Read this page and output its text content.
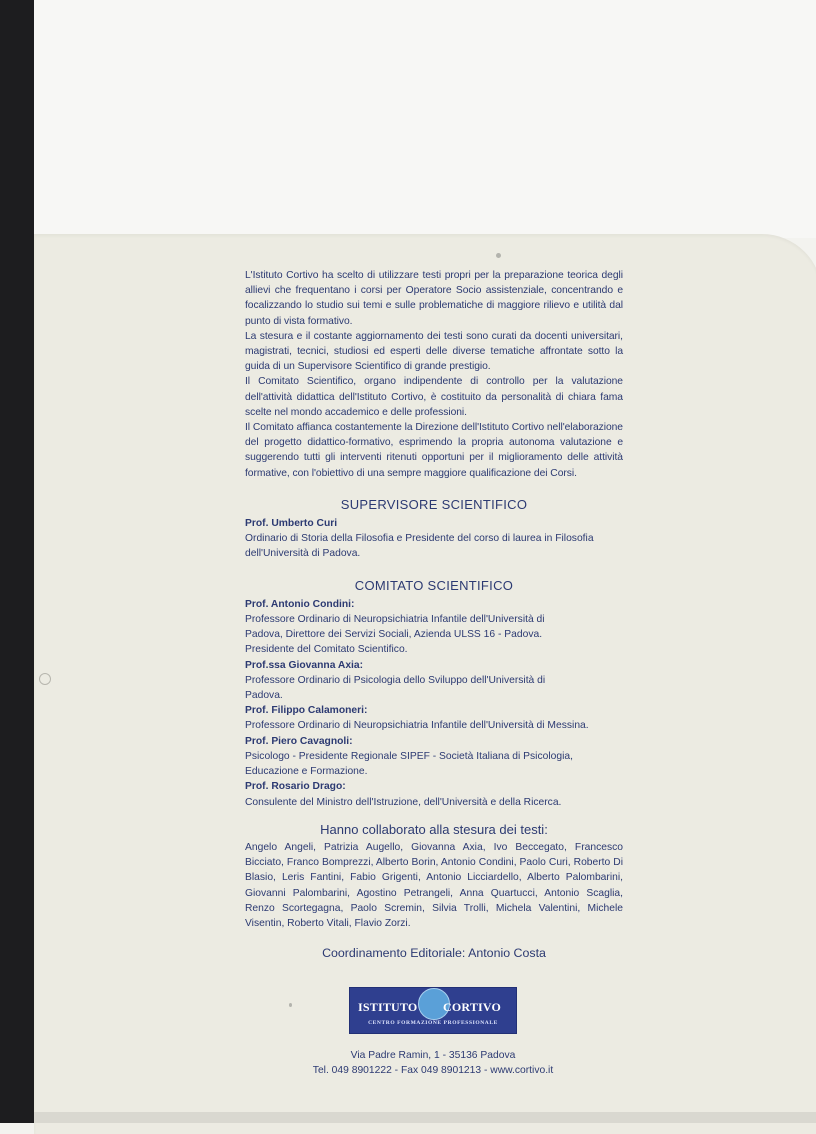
L'Istituto Cortivo ha scelto di utilizzare testi propri per la preparazione teorica degli allievi che frequentano i corsi per Operatore Socio assistenziale, concentrando e focalizzando lo studio sui temi e sulle problematiche di maggiore rilievo e utilità dal punto di vista formativo.

La stesura e il costante aggiornamento dei testi sono curati da docenti universitari, magistrati, tecnici, studiosi ed esperti delle diverse tematiche affrontate sotto la guida di un Supervisore Scientifico di grande prestigio.

Il Comitato Scientifico, organo indipendente di controllo per la valutazione dell'attività didattica dell'Istituto Cortivo, è costituito da personalità di chiara fama scelte nel mondo accademico e delle professioni.

Il Comitato affianca costantemente la Direzione dell'Istituto Cortivo nell'elaborazione del progetto didattico-formativo, esprimendo la propria autonoma valutazione e suggerendo tutti gli interventi ritenuti opportuni per il miglioramento delle attività formative, con l'obiettivo di una sempre maggiore qualificazione dei Corsi.

SUPERVISORE SCIENTIFICO

Prof. Umberto Curi

Ordinario di Storia della Filosofia e Presidente del corso di laurea in Filosofia dell'Università di Padova.

COMITATO SCIENTIFICO

Prof. Antonio Condini:

Professore Ordinario di Neuropsichiatria Infantile dell'Università di Padova, Direttore dei Servizi Sociali, Azienda ULSS 16 - Padova. Presidente del Comitato Scientifico.

Prof.ssa Giovanna Axia:

Professore Ordinario di Psicologia dello Sviluppo dell'Università di Padova.

Prof. Filippo Calamoneri:

Professore Ordinario di Neuropsichiatria Infantile dell'Università di Messina.

Prof. Piero Cavagnoli:

Psicologo - Presidente Regionale SIPEF - Società Italiana di Psicologia, Educazione e Formazione.

Prof. Rosario Drago:

Consulente del Ministro dell'Istruzione, dell'Università e della Ricerca.

Hanno collaborato alla stesura dei testi:

Angelo Angeli, Patrizia Augello, Giovanna Axia, Ivo Beccegato, Francesco Bicciato, Franco Bomprezzi, Alberto Borin, Antonio Condini, Paolo Curi, Roberto Di Blasio, Leris Fantini, Fabio Grigenti, Antonio Licciardello, Alberto Palombarini, Giovanni Palombarini, Agostino Petrangeli, Anna Quartucci, Antonio Scaglia, Renzo Scortegagna, Paolo Scremin, Silvia Trolli, Michela Valentini, Michele Visentin, Roberto Vitali, Flavio Zorzi.

Coordinamento Editoriale: Antonio Costa
ISTITUTO CORTIVO
CENTRO FORMAZIONE PROFESSIONALE
Via Padre Ramin, 1 - 35136 Padova
Tel. 049 8901222 - Fax 049 8901213 - www.cortivo.it
